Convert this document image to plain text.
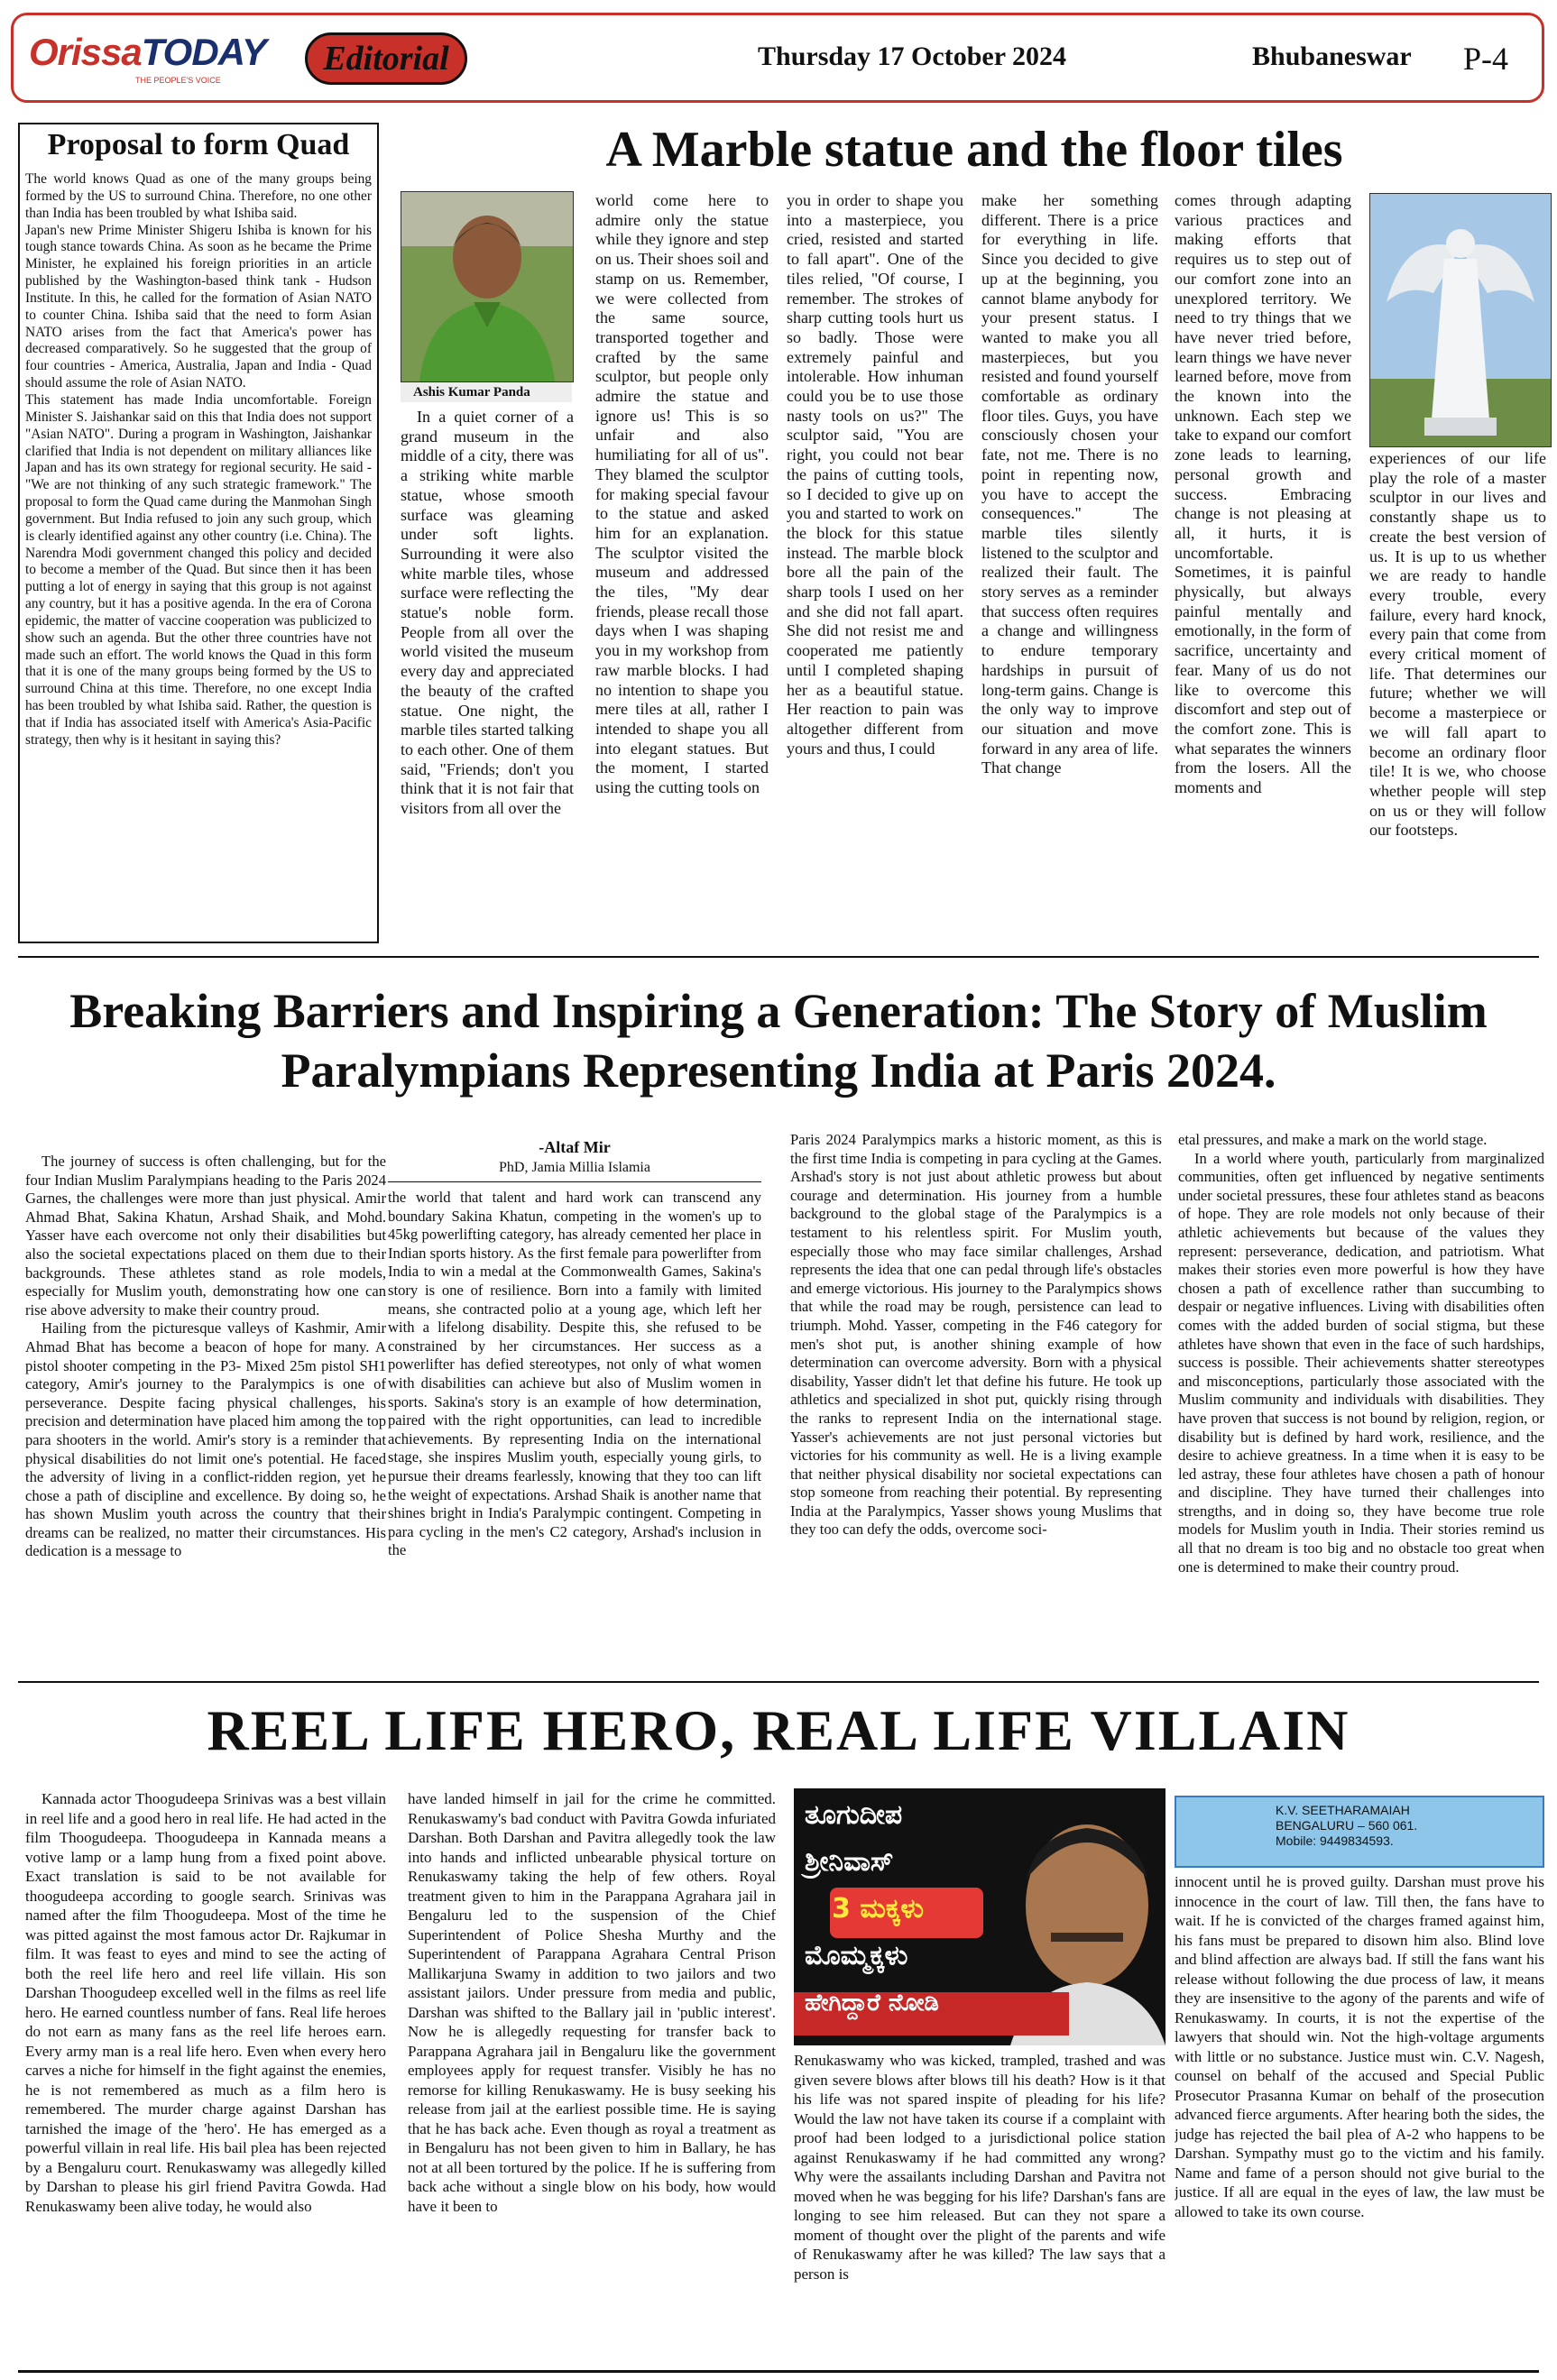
OrissaTODAY
THE PEOPLE'S VOICE
Editorial	Thursday 17 October 2024	Bhubaneswar P-4
Proposal to form Quad

The world knows Quad as one of the many groups being formed by the US to surround China. Therefore, no one other than India has been troubled by what Ishiba said.

Japan's new Prime Minister Shigeru Ishiba is known for his tough stance towards China. As soon as he became the Prime Minister, he explained his foreign priorities in an article published by the Washington-based think tank - Hudson Institute. In this, he called for the formation of Asian NATO to counter China. Ishiba said that the need to form Asian NATO arises from the fact that America's power has decreased comparatively. So he suggested that the group of four countries - America, Australia, Japan and India - Quad should assume the role of Asian NATO.

This statement has made India uncomfortable. Foreign Minister S. Jaishankar said on this that India does not support "Asian NATO". During a program in Washington, Jaishankar clarified that India is not dependent on military alliances like Japan and has its own strategy for regional security. He said - "We are not thinking of any such strategic framework." The proposal to form the Quad came during the Manmohan Singh government. But India refused to join any such group, which is clearly identified against any other country (i.e. China). The Narendra Modi government changed this policy and decided to become a member of the Quad. But since then it has been putting a lot of energy in saying that this group is not against any country, but it has a positive agenda. In the era of Corona epidemic, the matter of vaccine cooperation was publicized to show such an agenda. But the other three countries have not made such an effort. The world knows the Quad in this form that it is one of the many groups being formed by the US to surround China at this time. Therefore, no one except India has been troubled by what Ishiba said. Rather, the question is that if India has associated itself with America's Asia-Pacific strategy, then why is it hesitant in saying this?

A Marble statue and the floor tiles
Ashis Kumar Panda

In a quiet corner of a grand museum in the middle of a city, there was a striking white marble statue, whose smooth surface was gleaming under soft lights. Surrounding it were also white marble tiles, whose surface were reflecting the statue's noble form. People from all over the world visited the museum every day and appreciated the beauty of the crafted statue. One night, the marble tiles started talking to each other. One of them said, "Friends; don't you think that it is not fair that visitors from all over the

world come here to admire only the statue while they ignore and step on us. Their shoes soil and stamp on us. Remember, we were collected from the same source, transported together and crafted by the same sculptor, but people only admire the statue and ignore us! This is so unfair and also humiliating for all of us". They blamed the sculptor for making special favour to the statue and asked him for an explanation. The sculptor visited the museum and addressed the tiles, "My dear friends, please recall those days when I was shaping you in my workshop from raw marble blocks. I had no intention to shape you mere tiles at all, rather I intended to shape you all into elegant statues. But the moment, I started using the cutting tools on

you in order to shape you into a masterpiece, you cried, resisted and started to fall apart". One of the tiles relied, "Of course, I remember. The strokes of sharp cutting tools hurt us so badly. Those were extremely painful and intolerable. How inhuman could you be to use those nasty tools on us?" The sculptor said, "You are right, you could not bear the pains of cutting tools, so I decided to give up on you and started to work on the block for this statue instead. The marble block bore all the pain of the sharp tools I used on her and she did not fall apart. She did not resist me and cooperated me patiently until I completed shaping her as a beautiful statue. Her reaction to pain was altogether different from yours and thus, I could

make her something different. There is a price for everything in life. Since you decided to give up at the beginning, you cannot blame anybody for your present status. I wanted to make you all masterpieces, but you resisted and found yourself comfortable as ordinary floor tiles. Guys, you have consciously chosen your fate, not me. There is no point in repenting now, you have to accept the consequences." The marble tiles silently listened to the sculptor and realized their fault. The story serves as a reminder that success often requires a change and willingness to endure temporary hardships in pursuit of long-term gains. Change is the only way to improve our situation and move forward in any area of life. That change

comes through adapting various practices and making efforts that requires us to step out of our comfort zone into an unexplored territory. We need to try things that we have never tried before, learn things we have never learned before, move from the known into the unknown. Each step we take to expand our comfort zone leads to learning, personal growth and success. Embracing change is not pleasing at all, it hurts, it is uncomfortable. Sometimes, it is painful physically, but always painful mentally and emotionally, in the form of sacrifice, uncertainty and fear. Many of us do not like to overcome this discomfort and step out of the comfort zone. This is what separates the winners from the losers. All the moments and

experiences of our life play the role of a master sculptor in our lives and constantly shape us to create the best version of us. It is up to us whether we are ready to handle every trouble, every failure, every hard knock, every pain that come from every critical moment of life. That determines our future; whether we will become a masterpiece or we will fall apart to become an ordinary floor tile! It is we, who choose whether people will step on us or they will follow our footsteps.

Breaking Barriers and Inspiring a Generation: The Story of Muslim Paralympians Representing India at Paris 2024.
-Altaf Mir
PhD, Jamia Millia Islamia

The journey of success is often challenging, but for the four Indian Muslim Paralympians heading to the Paris 2024 Garnes, the challenges were more than just physical. Amir Ahmad Bhat, Sakina Khatun, Arshad Shaik, and Mohd. Yasser have each overcome not only their disabilities but also the societal expectations placed on them due to their backgrounds. These athletes stand as role models, especially for Muslim youth, demonstrating how one can rise above adversity to make their country proud.

Hailing from the picturesque valleys of Kashmir, Amir Ahmad Bhat has become a beacon of hope for many. A pistol shooter competing in the P3- Mixed 25m pistol SH1 category, Amir's journey to the Paralympics is one of perseverance. Despite facing physical challenges, his precision and determination have placed him among the top para shooters in the world. Amir's story is a reminder that physical disabilities do not limit one's potential. He faced the adversity of living in a conflict-ridden region, yet he chose a path of discipline and excellence. By doing so, he has shown Muslim youth across the country that their dreams can be realized, no matter their circumstances. His dedication is a message to

the world that talent and hard work can transcend any boundary Sakina Khatun, competing in the women's up to 45kg powerlifting category, has already cemented her place in Indian sports history. As the first female para powerlifter from India to win a medal at the Commonwealth Games, Sakina's story is one of resilience. Born into a family with limited means, she contracted polio at a young age, which left her with a lifelong disability. Despite this, she refused to be constrained by her circumstances. Her success as a powerlifter has defied stereotypes, not only of what women with disabilities can achieve but also of Muslim women in sports. Sakina's story is an example of how determination, paired with the right opportunities, can lead to incredible achievements. By representing India on the international stage, she inspires Muslim youth, especially young girls, to pursue their dreams fearlessly, knowing that they too can lift the weight of expectations. Arshad Shaik is another name that shines bright in India's Paralympic contingent. Competing in para cycling in the men's C2 category, Arshad's inclusion in the

Paris 2024 Paralympics marks a historic moment, as this is the first time India is competing in para cycling at the Games. Arshad's story is not just about athletic prowess but about courage and determination. His journey from a humble background to the global stage of the Paralympics is a testament to his relentless spirit. For Muslim youth, especially those who may face similar challenges, Arshad represents the idea that one can pedal through life's obstacles and emerge victorious. His journey to the Paralympics shows that while the road may be rough, persistence can lead to triumph. Mohd. Yasser, competing in the F46 category for men's shot put, is another shining example of how determination can overcome adversity. Born with a physical disability, Yasser didn't let that define his future. He took up athletics and specialized in shot put, quickly rising through the ranks to represent India on the international stage. Yasser's achievements are not just personal victories but victories for his community as well. He is a living example that neither physical disability nor societal expectations can stop someone from reaching their potential. By representing India at the Paralympics, Yasser shows young Muslims that they too can defy the odds, overcome soci-

etal pressures, and make a mark on the world stage.

In a world where youth, particularly from marginalized communities, often get influenced by negative sentiments under societal pressures, these four athletes stand as beacons of hope. They are role models not only because of their athletic achievements but because of the values they represent: perseverance, dedication, and patriotism. What makes their stories even more powerful is how they have chosen a path of excellence rather than succumbing to despair or negative influences. Living with disabilities often comes with the added burden of social stigma, but these athletes have shown that even in the face of such hardships, success is possible. Their achievements shatter stereotypes and misconceptions, particularly those associated with the Muslim community and individuals with disabilities. They have proven that success is not bound by religion, region, or disability but is defined by hard work, resilience, and the desire to achieve greatness. In a time when it is easy to be led astray, these four athletes have chosen a path of honour and discipline. They have turned their challenges into strengths, and in doing so, they have become true role models for Muslim youth in India. Their stories remind us all that no dream is too big and no obstacle too great when one is determined to make their country proud.

REEL LIFE HERO, REAL LIFE VILLAIN

Kannada actor Thoogudeepa Srinivas was a best villain in reel life and a good hero in real life. He had acted in the film Thoogudeepa. Thoogudeepa in Kannada means a votive lamp or a lamp hung from a fixed point above. Exact translation is said to be not available for thoogudeepa according to google search. Srinivas was named after the film Thoogudeepa. Most of the time he was pitted against the most famous actor Dr. Rajkumar in film. It was feast to eyes and mind to see the acting of both the reel life hero and reel life villain. His son Darshan Thoogudeep excelled well in the films as reel life hero. He earned countless number of fans. Real life heroes do not earn as many fans as the reel life heroes earn. Every army man is a real life hero. Even when every hero carves a niche for himself in the fight against the enemies, he is not remembered as much as a film hero is remembered. The murder charge against Darshan has tarnished the image of the 'hero'. He has emerged as a powerful villain in real life. His bail plea has been rejected by a Bengaluru court. Renukaswamy was allegedly killed by Darshan to please his girl friend Pavitra Gowda. Had Renukaswamy been alive today, he would also

have landed himself in jail for the crime he committed. Renukaswamy's bad conduct with Pavitra Gowda infuriated Darshan. Both Darshan and Pavitra allegedly took the law into hands and inflicted unbearable physical torture on Renukaswamy taking the help of few others. Royal treatment given to him in the Parappana Agrahara jail in Bengaluru led to the suspension of the Chief Superintendent of Police Shesha Murthy and the Superintendent of Parappana Agrahara Central Prison Mallikarjuna Swamy in addition to two jailors and two assistant jailors. Under pressure from media and public, Darshan was shifted to the Ballary jail in 'public interest'. Now he is allegedly requesting for transfer back to Parappana Agrahara jail in Bengaluru like the government employees apply for request transfer. Visibly he has no remorse for killing Renukaswamy. He is busy seeking his release from jail at the earliest possible time. He is saying that he has back ache. Even though as royal a treatment as in Bengaluru has not been given to him in Ballary, he has not at all been tortured by the police. If he is suffering from back ache without a single blow on his body, how would have it been to

ತೂಗುದೀಪ
ಶ್ರೀನಿವಾಸ್
3 ಮಕ್ಕಳು
ಮೊಮ್ಮಕ್ಕಳು
ಹೇಗಿದ್ದಾರೆ ನೋಡಿ

Renukaswamy who was kicked, trampled, trashed and was given severe blows after blows till his death? How is it that his life was not spared inspite of pleading for his life? Would the law not have taken its course if a complaint with proof had been lodged to a jurisdictional police station against Renukaswamy if he had committed any wrong? Why were the assailants including Darshan and Pavitra not moved when he was begging for his life? Darshan's fans are longing to see him released. But can they not spare a moment of thought over the plight of the parents and wife of Renukaswamy after he was killed? The law says that a person is

K.V. SEETHARAMAIAH
BENGALURU – 560 061.
Mobile: 9449834593.

innocent until he is proved guilty. Darshan must prove his innocence in the court of law. Till then, the fans have to wait. If he is convicted of the charges framed against him, his fans must be prepared to disown him also. Blind love and blind affection are always bad. If still the fans want his release without following the due process of law, it means they are insensitive to the agony of the parents and wife of Renukaswamy. In courts, it is not the expertise of the lawyers that should win. Not the high-voltage arguments with little or no substance. Justice must win. C.V. Nagesh, counsel on behalf of the accused and Special Public Prosecutor Prasanna Kumar on behalf of the prosecution advanced fierce arguments. After hearing both the sides, the judge has rejected the bail plea of A-2 who happens to be Darshan. Sympathy must go to the victim and his family. Name and fame of a person should not give burial to the justice. If all are equal in the eyes of law, the law must be allowed to take its own course.
